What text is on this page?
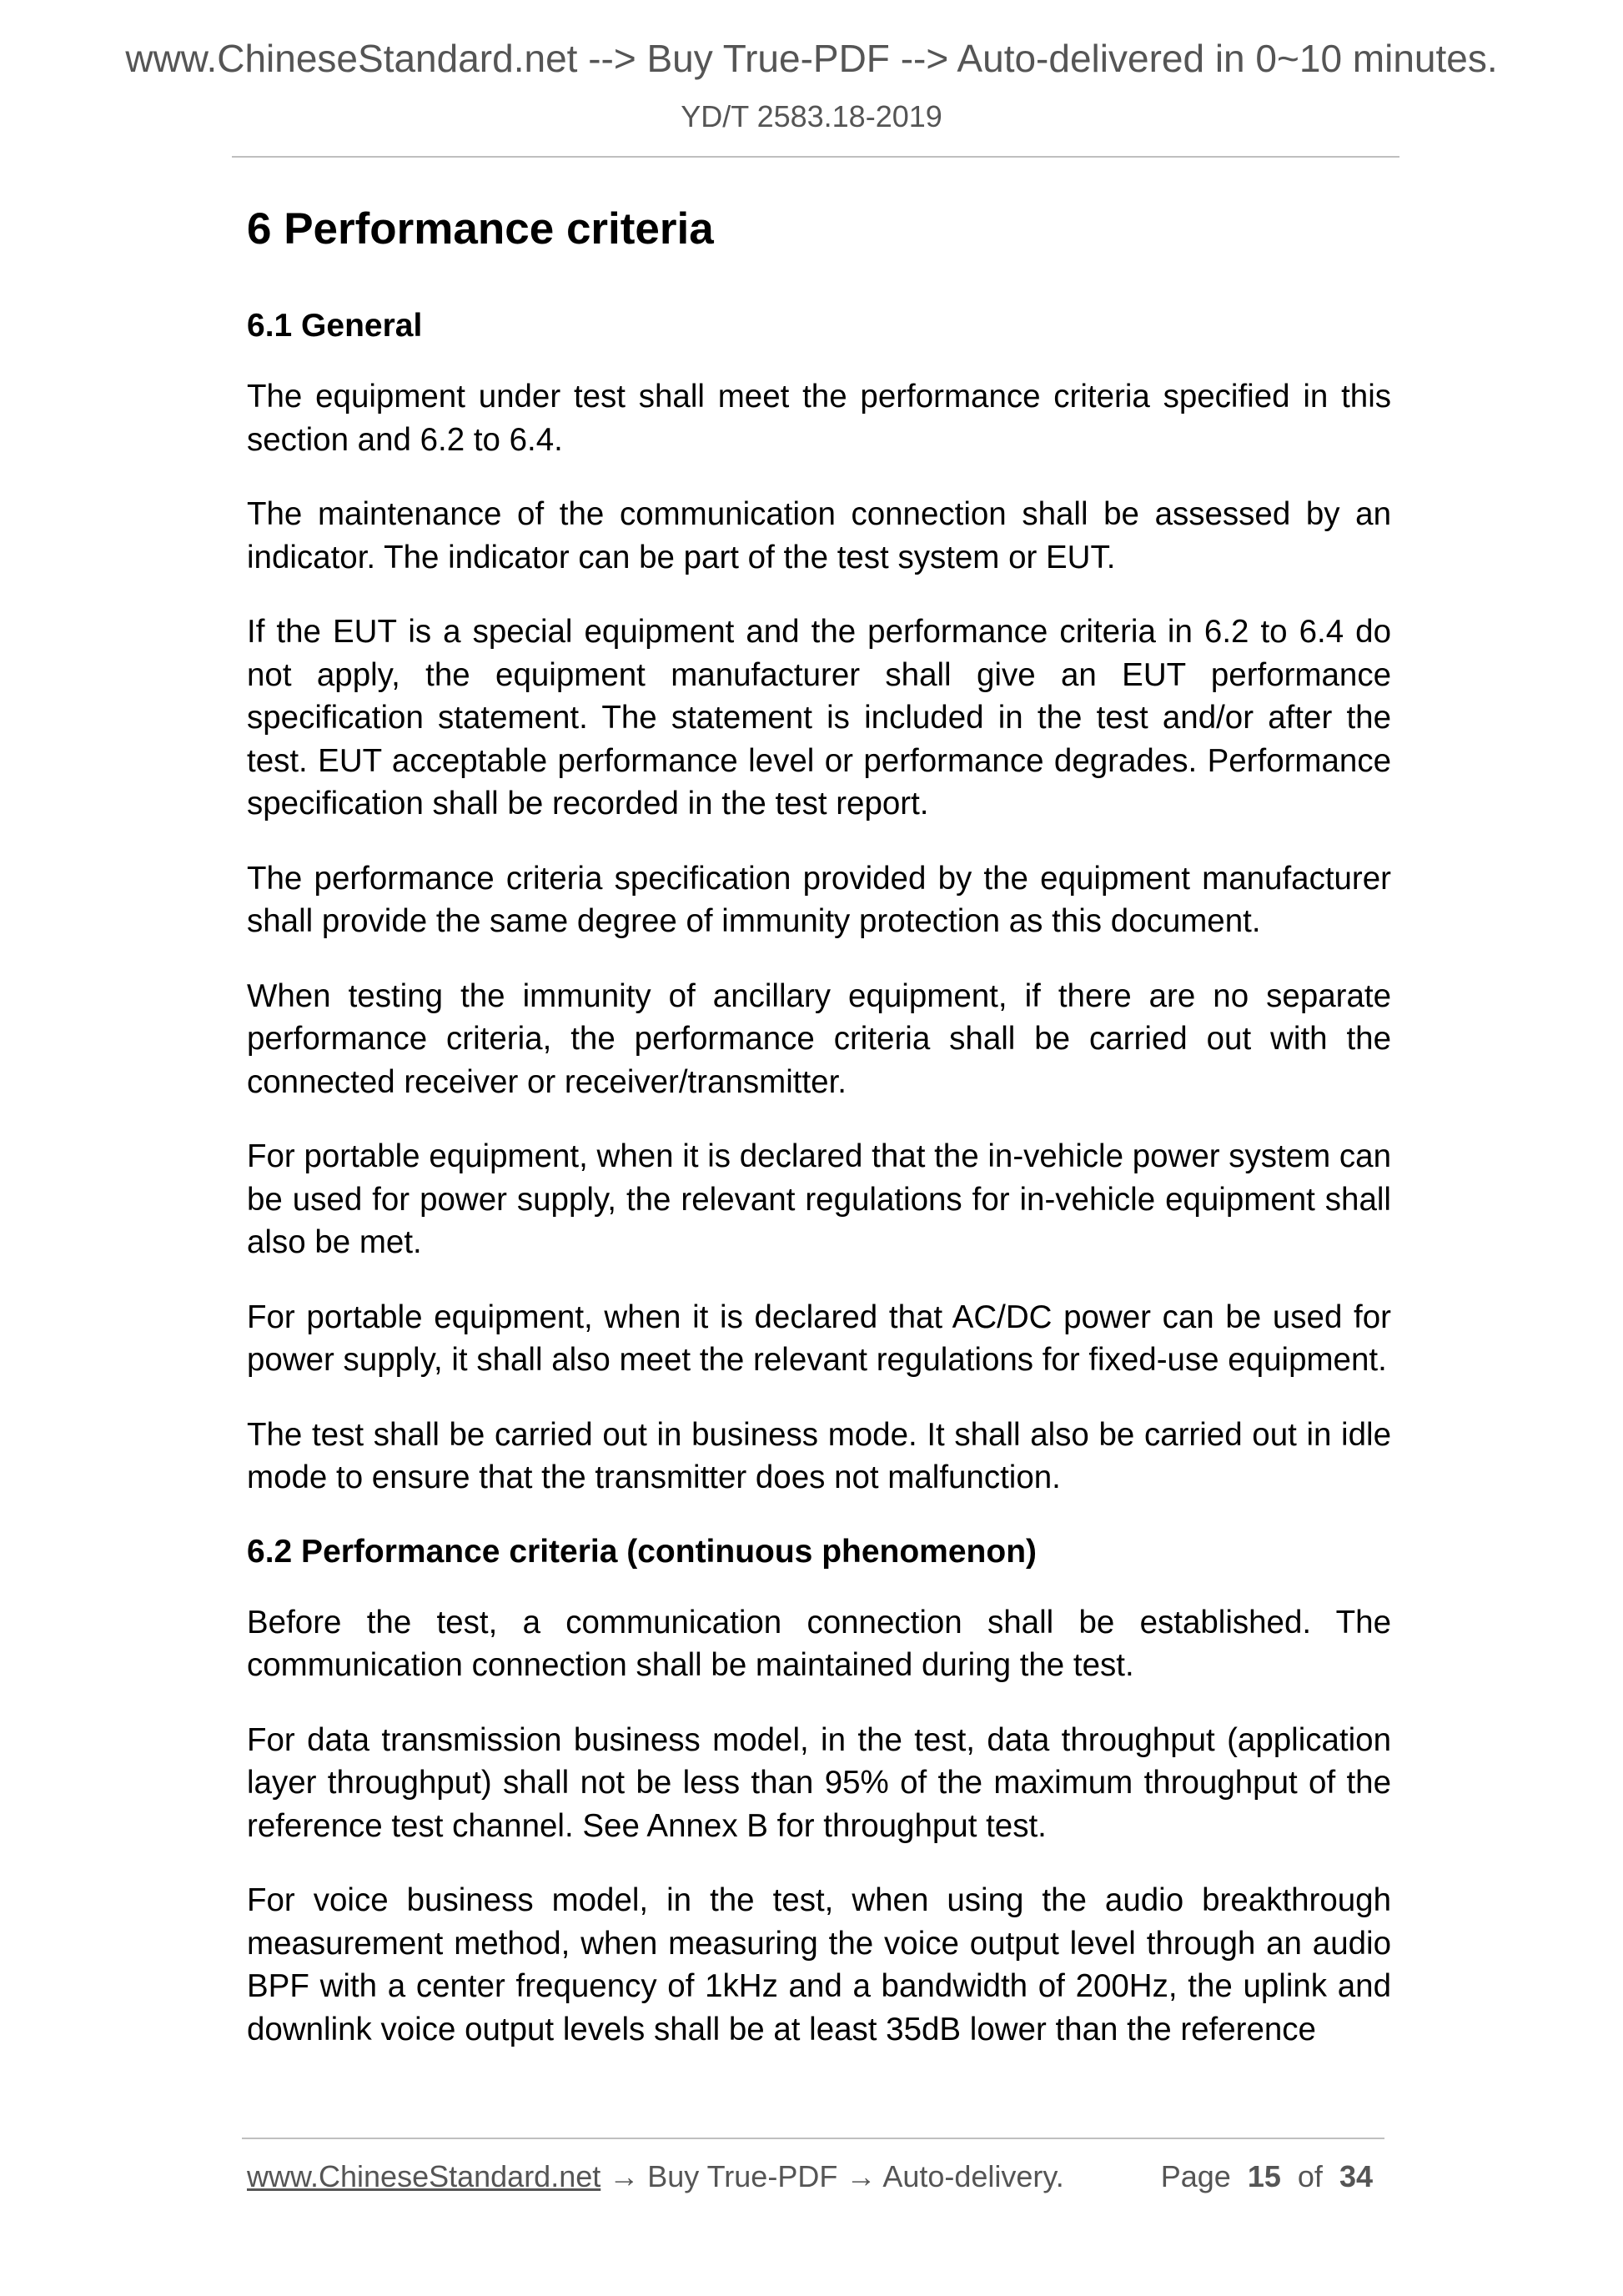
www.ChineseStandard.net --> Buy True-PDF --> Auto-delivered in 0~10 minutes.
YD/T 2583.18-2019
6 Performance criteria
6.1 General
The equipment under test shall meet the performance criteria specified in this section and 6.2 to 6.4.
The maintenance of the communication connection shall be assessed by an indicator. The indicator can be part of the test system or EUT.
If the EUT is a special equipment and the performance criteria in 6.2 to 6.4 do not apply, the equipment manufacturer shall give an EUT performance specification statement. The statement is included in the test and/or after the test. EUT acceptable performance level or performance degrades. Performance specification shall be recorded in the test report.
The performance criteria specification provided by the equipment manufacturer shall provide the same degree of immunity protection as this document.
When testing the immunity of ancillary equipment, if there are no separate performance criteria, the performance criteria shall be carried out with the connected receiver or receiver/transmitter.
For portable equipment, when it is declared that the in-vehicle power system can be used for power supply, the relevant regulations for in-vehicle equipment shall also be met.
For portable equipment, when it is declared that AC/DC power can be used for power supply, it shall also meet the relevant regulations for fixed-use equipment.
The test shall be carried out in business mode. It shall also be carried out in idle mode to ensure that the transmitter does not malfunction.
6.2 Performance criteria (continuous phenomenon)
Before the test, a communication connection shall be established. The communication connection shall be maintained during the test.
For data transmission business model, in the test, data throughput (application layer throughput) shall not be less than 95% of the maximum throughput of the reference test channel. See Annex B for throughput test.
For voice business model, in the test, when using the audio breakthrough measurement method, when measuring the voice output level through an audio BPF with a center frequency of 1kHz and a bandwidth of 200Hz, the uplink and downlink voice output levels shall be at least 35dB lower than the reference
www.ChineseStandard.net → Buy True-PDF → Auto-delivery.	Page 15 of 34
